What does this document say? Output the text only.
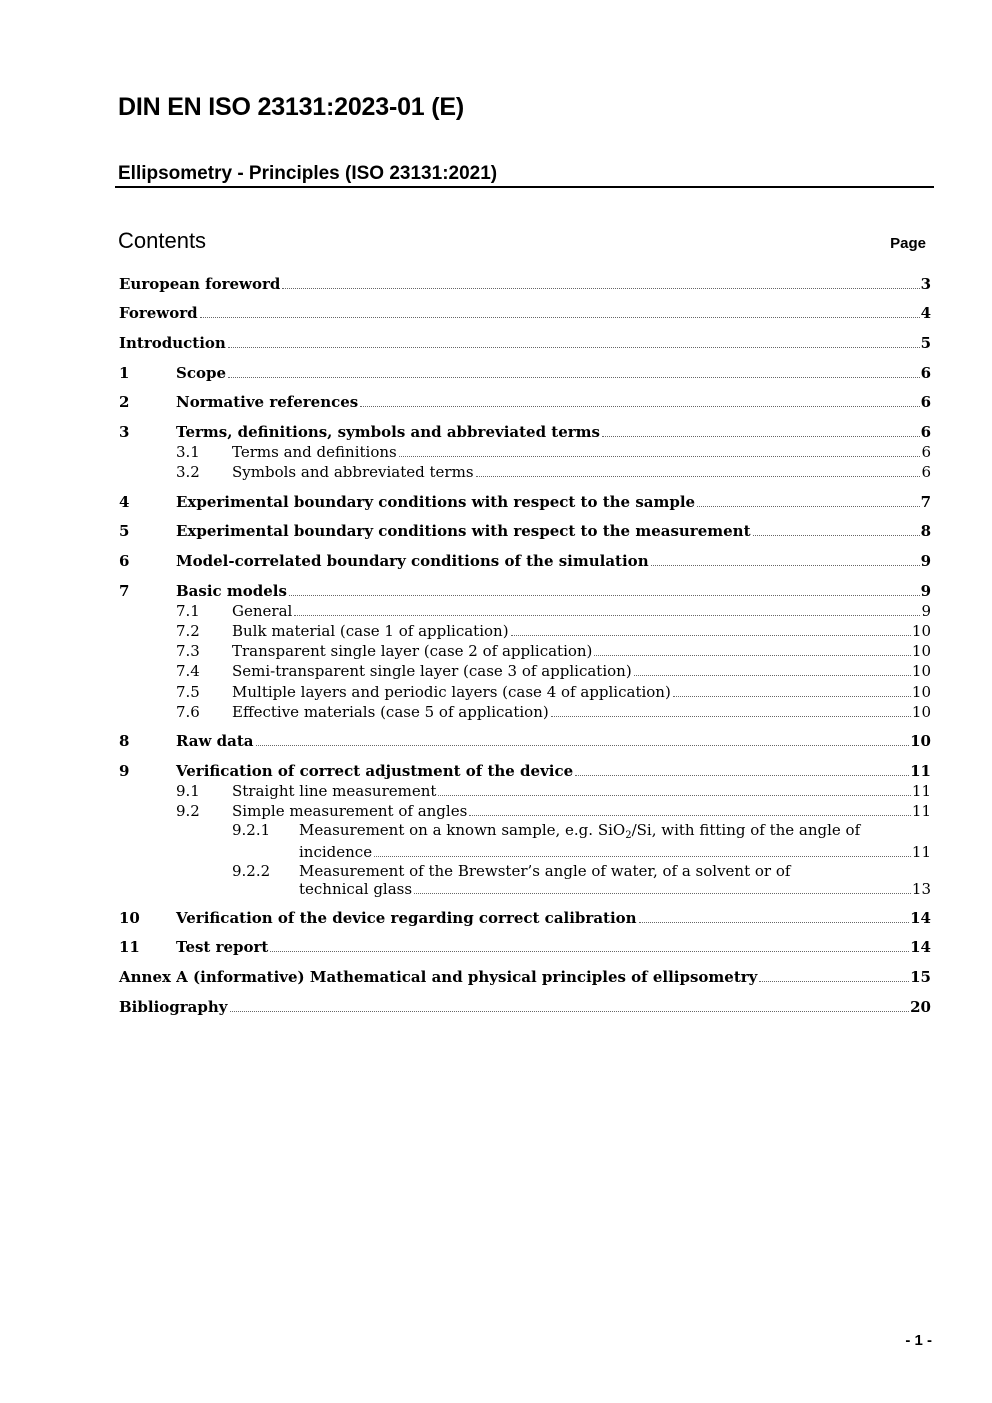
DIN EN ISO 23131:2023-01 (E)
Ellipsometry - Principles (ISO 23131:2021)
Contents	Page
European foreword	3
Foreword	4
Introduction	5
1	Scope	6
2	Normative references	6
3	Terms, definitions, symbols and abbreviated terms	6
3.1 Terms and definitions	6
3.2 Symbols and abbreviated terms	6
4	Experimental boundary conditions with respect to the sample	7
5	Experimental boundary conditions with respect to the measurement	8
6	Model-correlated boundary conditions of the simulation	9
7	Basic models	9
7.1 General	9
7.2 Bulk material (case 1 of application)	10
7.3 Transparent single layer (case 2 of application)	10
7.4 Semi-transparent single layer (case 3 of application)	10
7.5 Multiple layers and periodic layers (case 4 of application)	10
7.6 Effective materials (case 5 of application)	10
8	Raw data	10
9	Verification of correct adjustment of the device	11
9.1 Straight line measurement	11
9.2 Simple measurement of angles	11
9.2.1 Measurement on a known sample, e.g. SiO$_2$/Si, with fitting of the angle of
incidence	11
9.2.2 Measurement of the Brewster’s angle of water, of a solvent or of
technical glass	13
10 Verification of the device regarding correct calibration	14
11 Test report	14
Annex A (informative) Mathematical and physical principles of ellipsometry	15
Bibliography	20
- 1 -
